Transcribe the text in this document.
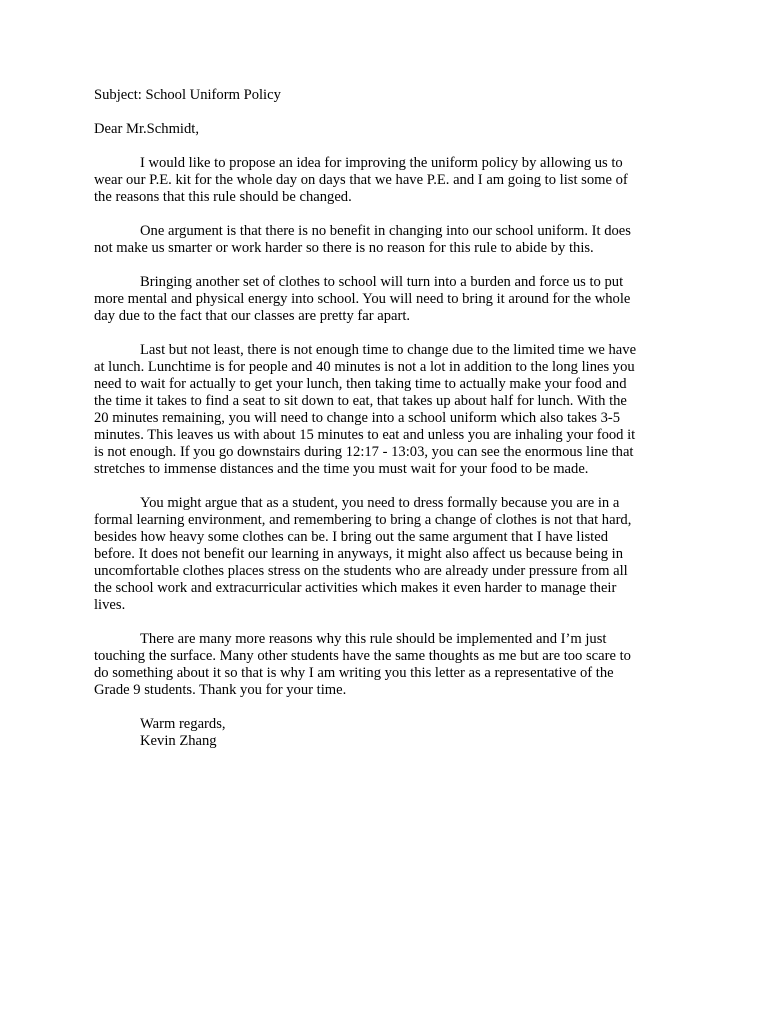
Subject: School Uniform Policy
Dear Mr.Schmidt,
I would like to propose an idea for improving the uniform policy by allowing us to
wear our P.E. kit for the whole day on days that we have P.E. and I am going to list some of
the reasons that this rule should be changed.
One argument is that there is no benefit in changing into our school uniform. It does
not make us smarter or work harder so there is no reason for this rule to abide by this.
Bringing another set of clothes to school will turn into a burden and force us to put
more mental and physical energy into school. You will need to bring it around for the whole
day due to the fact that our classes are pretty far apart.
Last but not least, there is not enough time to change due to the limited time we have
at lunch. Lunchtime is for people and 40 minutes is not a lot in addition to the long lines you
need to wait for actually to get your lunch, then taking time to actually make your food and
the time it takes to find a seat to sit down to eat, that takes up about half for lunch. With the
20 minutes remaining, you will need to change into a school uniform which also takes 3-5
minutes. This leaves us with about 15 minutes to eat and unless you are inhaling your food it
is not enough. If you go downstairs during 12:17 - 13:03, you can see the enormous line that
stretches to immense distances and the time you must wait for your food to be made.
You might argue that as a student, you need to dress formally because you are in a
formal learning environment, and remembering to bring a change of clothes is not that hard,
besides how heavy some clothes can be. I bring out the same argument that I have listed
before. It does not benefit our learning in anyways, it might also affect us because being in
uncomfortable clothes places stress on the students who are already under pressure from all
the school work and extracurricular activities which makes it even harder to manage their
lives.
There are many more reasons why this rule should be implemented and I’m just
touching the surface. Many other students have the same thoughts as me but are too scare to
do something about it so that is why I am writing you this letter as a representative of the
Grade 9 students. Thank you for your time.
Warm regards,
Kevin Zhang
